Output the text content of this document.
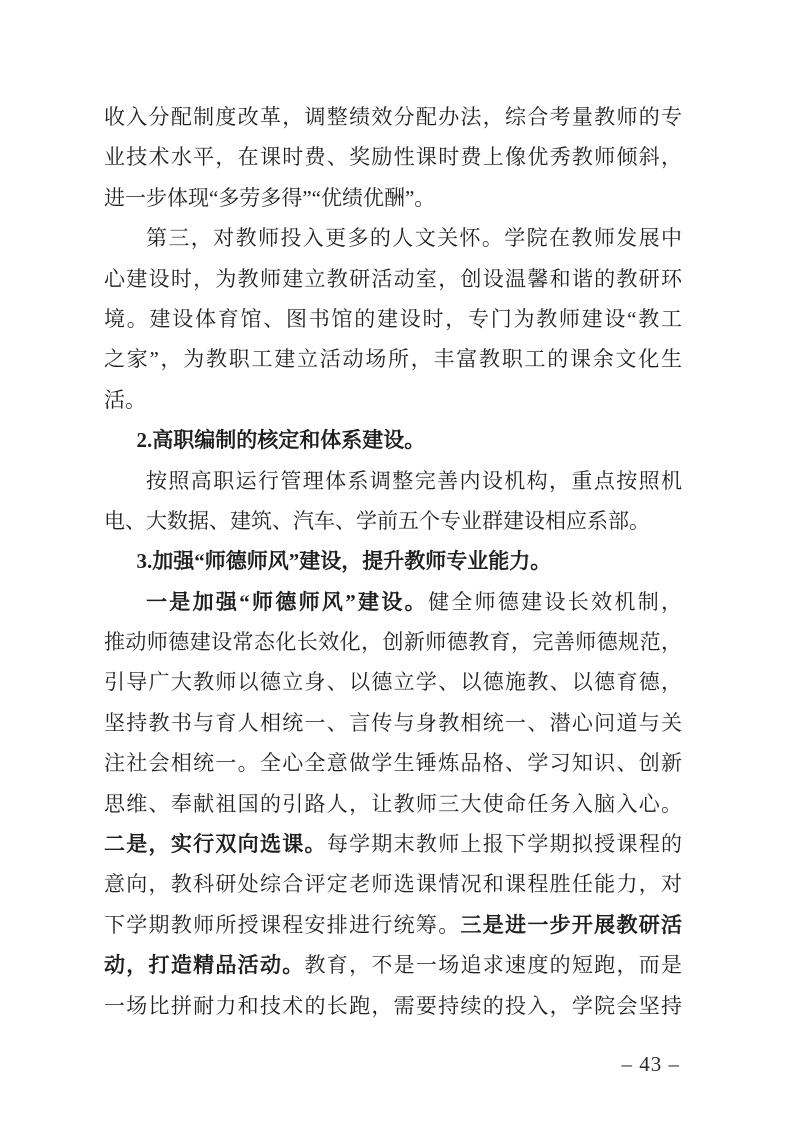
收入分配制度改革，调整绩效分配办法，综合考量教师的专
业技术水平，在课时费、奖励性课时费上像优秀教师倾斜，
进一步体现“多劳多得”“优绩优酬”。
第三，对教师投入更多的人文关怀。学院在教师发展中
心建设时，为教师建立教研活动室，创设温馨和谐的教研环
境。建设体育馆、图书馆的建设时，专门为教师建设“教工
之家”，为教职工建立活动场所，丰富教职工的课余文化生
活。
2.高职编制的核定和体系建设。
按照高职运行管理体系调整完善内设机构，重点按照机
电、大数据、建筑、汽车、学前五个专业群建设相应系部。
3.加强“师德师风”建设，提升教师专业能力。
一是加强“师德师风”建设。健全师德建设长效机制，
推动师德建设常态化长效化，创新师德教育，完善师德规范，
引导广大教师以德立身、以德立学、以德施教、以德育德，
坚持教书与育人相统一、言传与身教相统一、潜心问道与关
注社会相统一。全心全意做学生锤炼品格、学习知识、创新
思维、奉献祖国的引路人，让教师三大使命任务入脑入心。
二是，实行双向选课。每学期末教师上报下学期拟授课程的
意向，教科研处综合评定老师选课情况和课程胜任能力，对
下学期教师所授课程安排进行统筹。三是进一步开展教研活
动，打造精品活动。教育，不是一场追求速度的短跑，而是
一场比拼耐力和技术的长跑，需要持续的投入，学院会坚持
– 43 –
